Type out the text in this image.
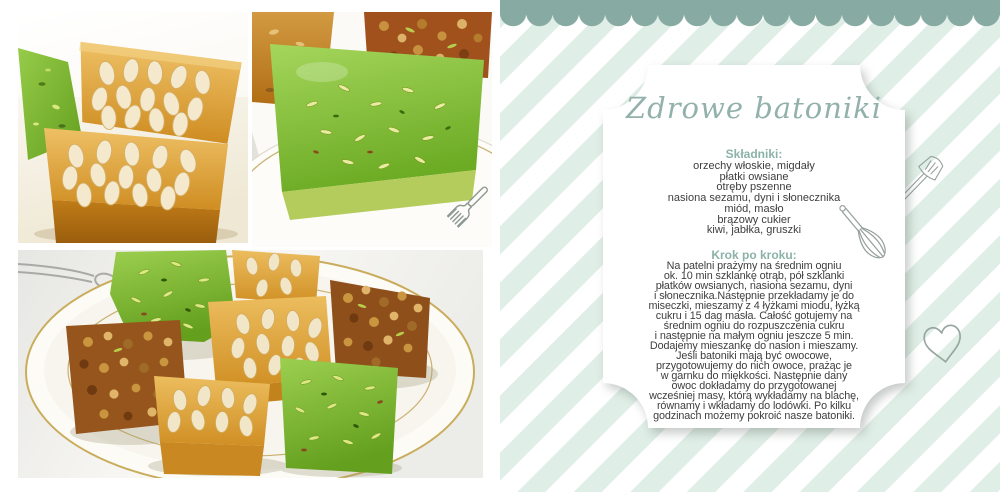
Zdrowe batoniki
Składniki:
orzechy włoskie, migdały
płatki owsiane
otręby pszenne
nasiona sezamu, dyni i słonecznika
miód, masło
brązowy cukier
kiwi, jabłka, gruszki
Krok po kroku:
Na patelni prażymy na średnim ogniu
ok. 10 min szklankę otrąb, pół szklanki
płatków owsianych, nasiona sezamu, dyni
i słonecznika.Następnie przekładamy je do
miseczki, mieszamy z 4 łyżkami miodu, łyżką
cukru i 15 dag masła. Całość gotujemy na
średnim ogniu do rozpuszczenia cukru
i następnie na małym ogniu jeszcze 5 min.
Dodajemy mieszankę do nasion i mieszamy.
Jeśli batoniki mają być owocowe,
przygotowujemy do nich owoce, prażąc je
w garnku do miękkości. Następnie dany
owoc dokładamy do przygotowanej
wcześniej masy, którą wykładamy na blachę,
równamy i wkładamy do lodówki. Po kilku
godzinach możemy pokroić nasze batoniki.
